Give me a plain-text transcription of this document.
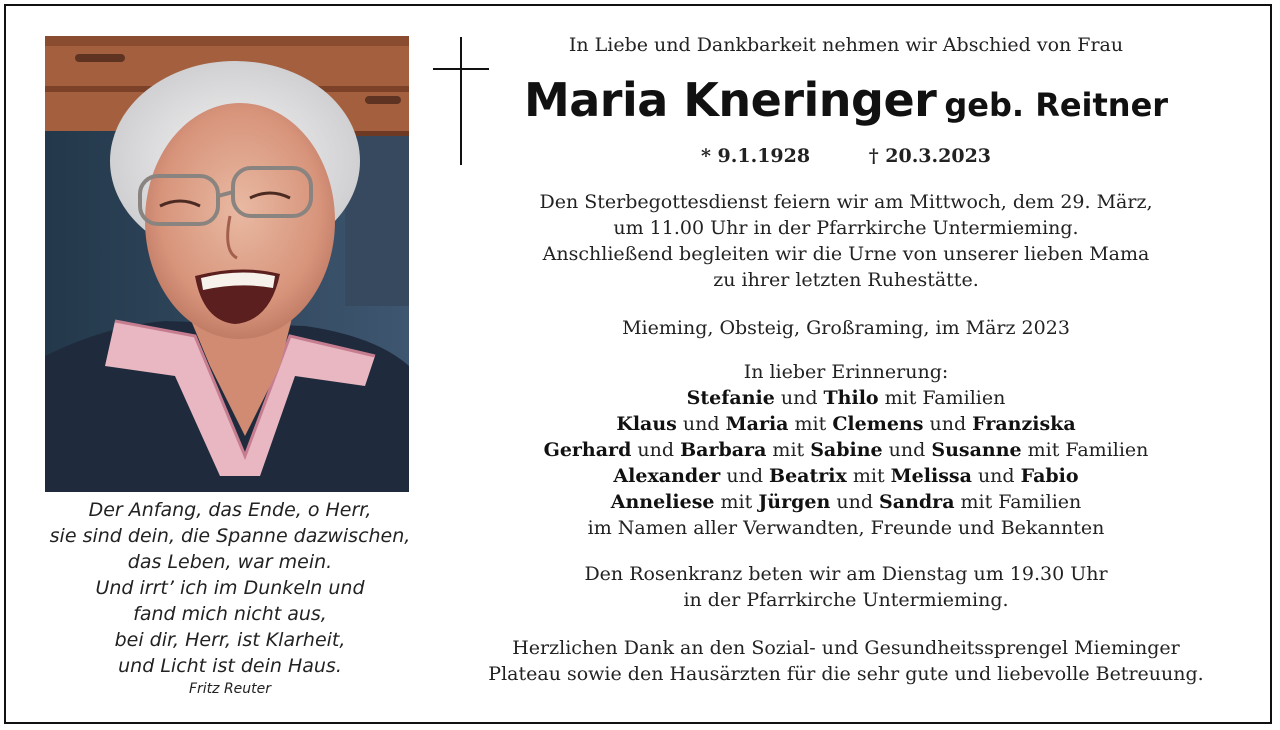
In Liebe und Dankbarkeit nehmen wir Abschied von Frau

Maria Kneringer geb. Reitner
* 9.1.1928	† 20.3.2023
Den Sterbegottesdienst feiern wir am Mittwoch, dem 29. März,
um 11.00 Uhr in der Pfarrkirche Untermieming.
Anschließend begleiten wir die Urne von unserer lieben Mama
zu ihrer letzten Ruhestätte.
Mieming, Obsteig, Großraming, im März 2023
In lieber Erinnerung:
Stefanie und Thilo mit Familien
Klaus und Maria mit Clemens und Franziska
Gerhard und Barbara mit Sabine und Susanne mit Familien
Alexander und Beatrix mit Melissa und Fabio
Anneliese mit Jürgen und Sandra mit Familien
im Namen aller Verwandten, Freunde und Bekannten
Den Rosenkranz beten wir am Dienstag um 19.30 Uhr
in der Pfarrkirche Untermieming.
Herzlichen Dank an den Sozial- und Gesundheitssprengel Mieminger
Plateau sowie den Hausärzten für die sehr gute und liebevolle Betreuung.
Der Anfang, das Ende, o Herr,
sie sind dein, die Spanne dazwischen,
das Leben, war mein.
Und irrt’ ich im Dunkeln und
fand mich nicht aus,
bei dir, Herr, ist Klarheit,
und Licht ist dein Haus.
Fritz Reuter
